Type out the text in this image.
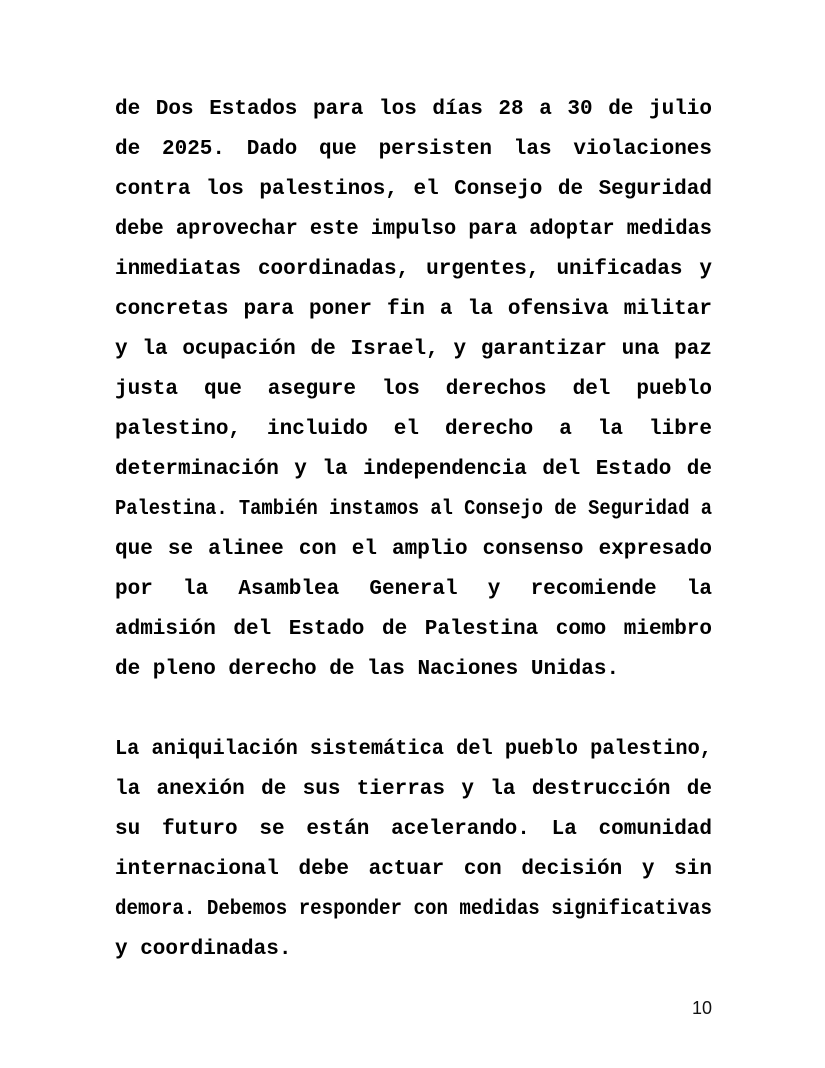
de Dos Estados para los días 28 a 30 de julio
de 2025. Dado que persisten las violaciones
contra los palestinos, el Consejo de Seguridad
debe aprovechar este impulso para adoptar medidas
inmediatas coordinadas, urgentes, unificadas y
concretas para poner fin a la ofensiva militar
y la ocupación de Israel, y garantizar una paz
justa que asegure los derechos del pueblo
palestino, incluido el derecho a la libre
determinación y la independencia del Estado de
Palestina. También instamos al Consejo de Seguridad a
que se alinee con el amplio consenso expresado
por la Asamblea General y recomiende la
admisión del Estado de Palestina como miembro
de pleno derecho de las Naciones Unidas.
La aniquilación sistemática del pueblo palestino,
la anexión de sus tierras y la destrucción de
su futuro se están acelerando. La comunidad
internacional debe actuar con decisión y sin
demora. Debemos responder con medidas significativas
y coordinadas.
10
